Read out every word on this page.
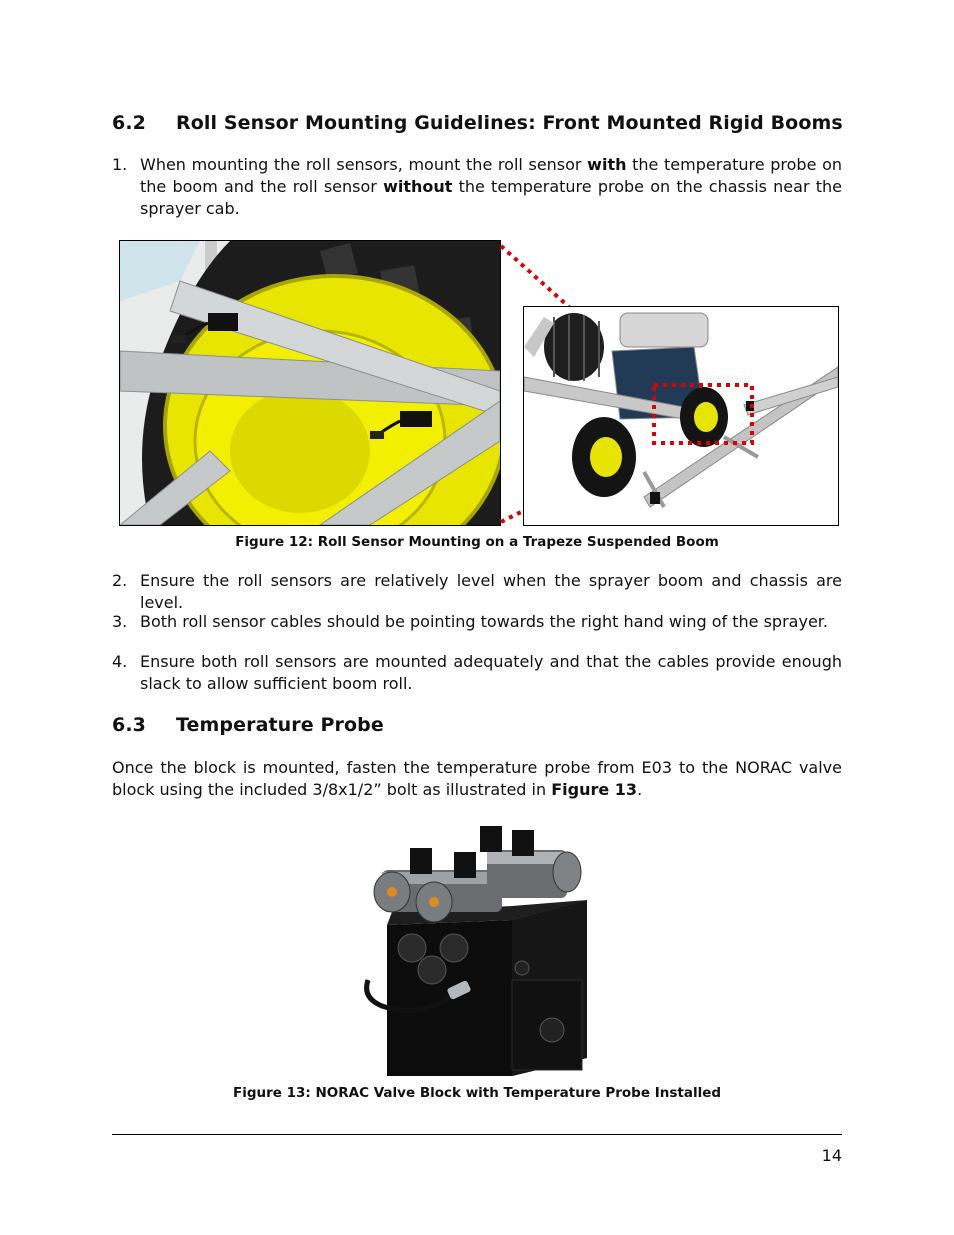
6.2 Roll Sensor Mounting Guidelines: Front Mounted Rigid Booms
1. When mounting the roll sensors, mount the roll sensor with the temperature probe on the boom and the roll sensor without the temperature probe on the chassis near the sprayer cab.
Figure 12: Roll Sensor Mounting on a Trapeze Suspended Boom
2. Ensure the roll sensors are relatively level when the sprayer boom and chassis are level.
3. Both roll sensor cables should be pointing towards the right hand wing of the sprayer.
4. Ensure both roll sensors are mounted adequately and that the cables provide enough slack to allow sufficient boom roll.
6.3 Temperature Probe
Once the block is mounted, fasten the temperature probe from E03 to the NORAC valve block using the included 3/8x1/2” bolt as illustrated in Figure 13.
Figure 13: NORAC Valve Block with Temperature Probe Installed
14
